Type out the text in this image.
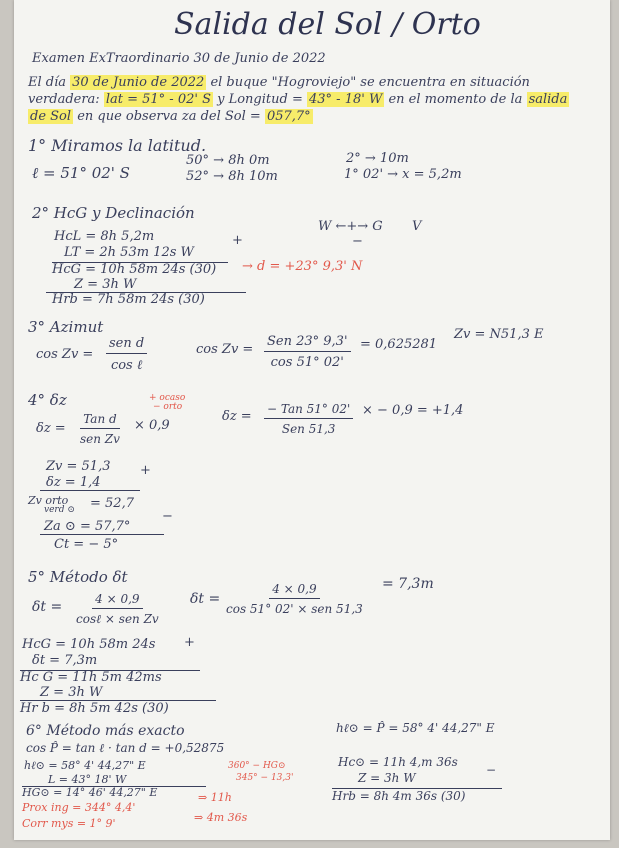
Salida del Sol / Orto
Examen ExTraordinario 30 de Junio de 2022
El día 30 de Junio de 2022 el buque "Hogroviejo" se encuentra en situación
verdadera: lat = 51° - 02' S y Longitud = 43° - 18' W en el momento de la salida
de Sol en que observa za del Sol = 057,7°
1° Miramos la latitud.
ℓ = 51° 02' S
50° → 8h 0m
52° → 8h 10m
2° → 10m
1° 02' → x = 5,2m
2° HcG y Declinación
HcL = 8h 5,2m
LT = 2h 53m 12s W
+
HcG = 10h 58m 24s (30) → d = +23° 9,3' N
Z = 3h W
Hrb = 7h 58m 24s (30)
W ←+→ G V
−
3° Azimut
cos Zv =
sen d
cos ℓ
cos Zv =
Sen 23° 9,3'
cos 51° 02'
= 0,625281
Zv = N51,3 E
4° δz
δz =
Tan d
sen Zv
× 0,9
+ ocaso
− orto
δz = − Tan 51° 02'
Sen 51,3
× − 0,9 = +1,4
Zv = 51,3
δz = 1,4
+
Zv orto
verd ⊙ = 52,7
Za ⊙ = 57,7°
−
Ct = − 5°
5° Método δt
δt =	4 × 0,9
cosℓ × sen Zv
δt =
4 × 0,9
cos 51° 02' × sen 51,3
= 7,3m
HcG = 10h 58m 24s +
δt = 7,3m
Hc G = 11h 5m 42ms
Z = 3h W
Hr b = 8h 5m 42s (30)
6° Método más exacto
cos P̂ = tan ℓ · tan d = +0,52875
hℓ⊙ = 58° 4' 44,27" E
L = 43° 18' W
HG⊙ = 14° 46' 44,27" E
360° − HG⊙
345° − 13,3'
Prox ing = 344° 4,4'
⇒ 11h
Corr mys = 1° 9'	⇒ 4m 36s
hℓ⊙ = P̂ = 58° 4' 44,27" E
Hc⊙ = 11h 4,m 36s
Z = 3h W
−
Hrb = 8h 4m 36s (30)
